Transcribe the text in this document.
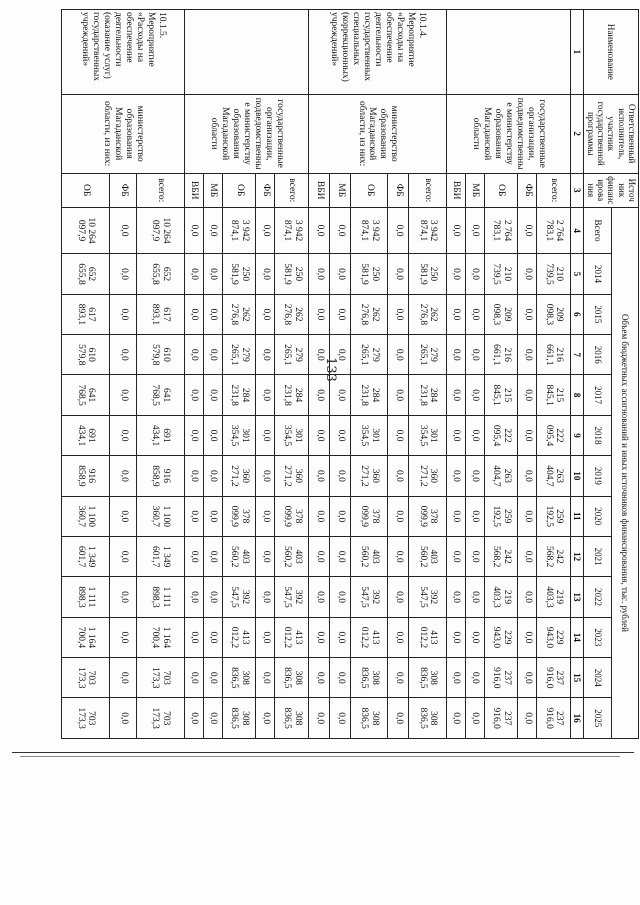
133
Наименование	Ответственный исполнитель, участник государственной программы	Источ ник финанс ирова ния	Объем бюджетных ассигнований и иных источников финансирования, тыс. рублей												
			Всего	2014	2015	2016	2017	2018	2019	2020	2021	2022	2023	2024	2025
1	2	3	4	5	6	7	8	9	10	11	12	13	14	15	16
	государственные организации, подведомственные министерству образования Магаданской области	всего:	2 764 783,1	210 739,5	209 098,3	216 661,1	215 845,1	222 095,4	263 404,7	259 192,5	242 568,2	219 403,3	229 943,0	237 916,0	237 916,0
		ФБ	0,0	0,0	0,0	0,0	0,0	0,0	0,0	0,0	0,0	0,0	0,0	0,0	0,0
		ОБ	2 764 783,1	210 739,5	209 098,3	216 661,1	215 845,1	222 095,4	263 404,7	259 192,5	242 568,2	219 403,3	229 943,0	237 916,0	237 916,0
		МБ	0,0	0,0	0,0	0,0	0,0	0,0	0,0	0,0	0,0	0,0	0,0	0,0	0,0
		ВБИ	0,0	0,0	0,0	0,0	0,0	0,0	0,0	0,0	0,0	0,0	0,0	0,0	0,0
10.1.4. Мероприятие «Расходы на обеспечение деятельности государственных специальных (коррекционных) учреждений»	министерство образования Магаданской области, из них:	всего:	3 942 874,1	250 581,9	262 276,8	279 265,1	284 231,8	301 354,5	360 271,2	378 099,9	403 560,2	392 547,5	413 012,2	308 836,5	308 836,5
		ФБ	0,0	0,0	0,0	0,0	0,0	0,0	0,0	0,0	0,0	0,0	0,0	0,0	0,0
		ОБ	3 942 874,1	250 581,9	262 276,8	279 265,1	284 231,8	301 354,5	360 271,2	378 099,9	403 560,2	392 547,5	413 012,2	308 836,5	308 836,5
		МБ	0,0	0,0	0,0	0,0	0,0	0,0	0,0	0,0	0,0	0,0	0,0	0,0	0,0
		ВБИ	0,0	0,0	0,0	0,0	0,0	0,0	0,0	0,0	0,0	0,0	0,0	0,0	0,0
	государственные организации, подведомственные министерству образования Магаданской области	всего:	3 942 874,1	250 581,9	262 276,8	279 265,1	284 231,8	301 354,5	360 271,2	378 099,9	403 560,2	392 547,5	413 012,2	308 836,5	308 836,5
		ФБ	0,0	0,0	0,0	0,0	0,0	0,0	0,0	0,0	0,0	0,0	0,0	0,0	0,0
		ОБ	3 942 874,1	250 581,9	262 276,8	279 265,1	284 231,8	301 354,5	360 271,2	378 099,9	403 560,2	392 547,5	413 012,2	308 836,5	308 836,5
		МБ	0,0	0,0	0,0	0,0	0,0	0,0	0,0	0,0	0,0	0,0	0,0	0,0	0,0
		ВБИ	0,0	0,0	0,0	0,0	0,0	0,0	0,0	0,0	0,0	0,0	0,0	0,0	0,0
10.1.5. Мероприятие «Расходы на обеспечение деятельности (оказание услуг) государственных учреждений»	министерство образования Магаданской области, из них:	всего:	10 264 097,9	652 655,8	617 893,1	610 579,8	641 768,5	691 434,1	916 858,9	1 100 360,7	1 349 601,7	1 111 898,3	1 164 700,4	703 173,3	703 173,3
		ФБ	0,0	0,0	0,0	0,0	0,0	0,0	0,0	0,0	0,0	0,0	0,0	0,0	0,0
		ОБ	10 264 097,9	652 655,8	617 893,1	610 579,8	641 768,5	691 434,1	916 858,9	1 100 360,7	1 349 601,7	1 111 898,3	1 164 700,4	703 173,3	703 173,3
